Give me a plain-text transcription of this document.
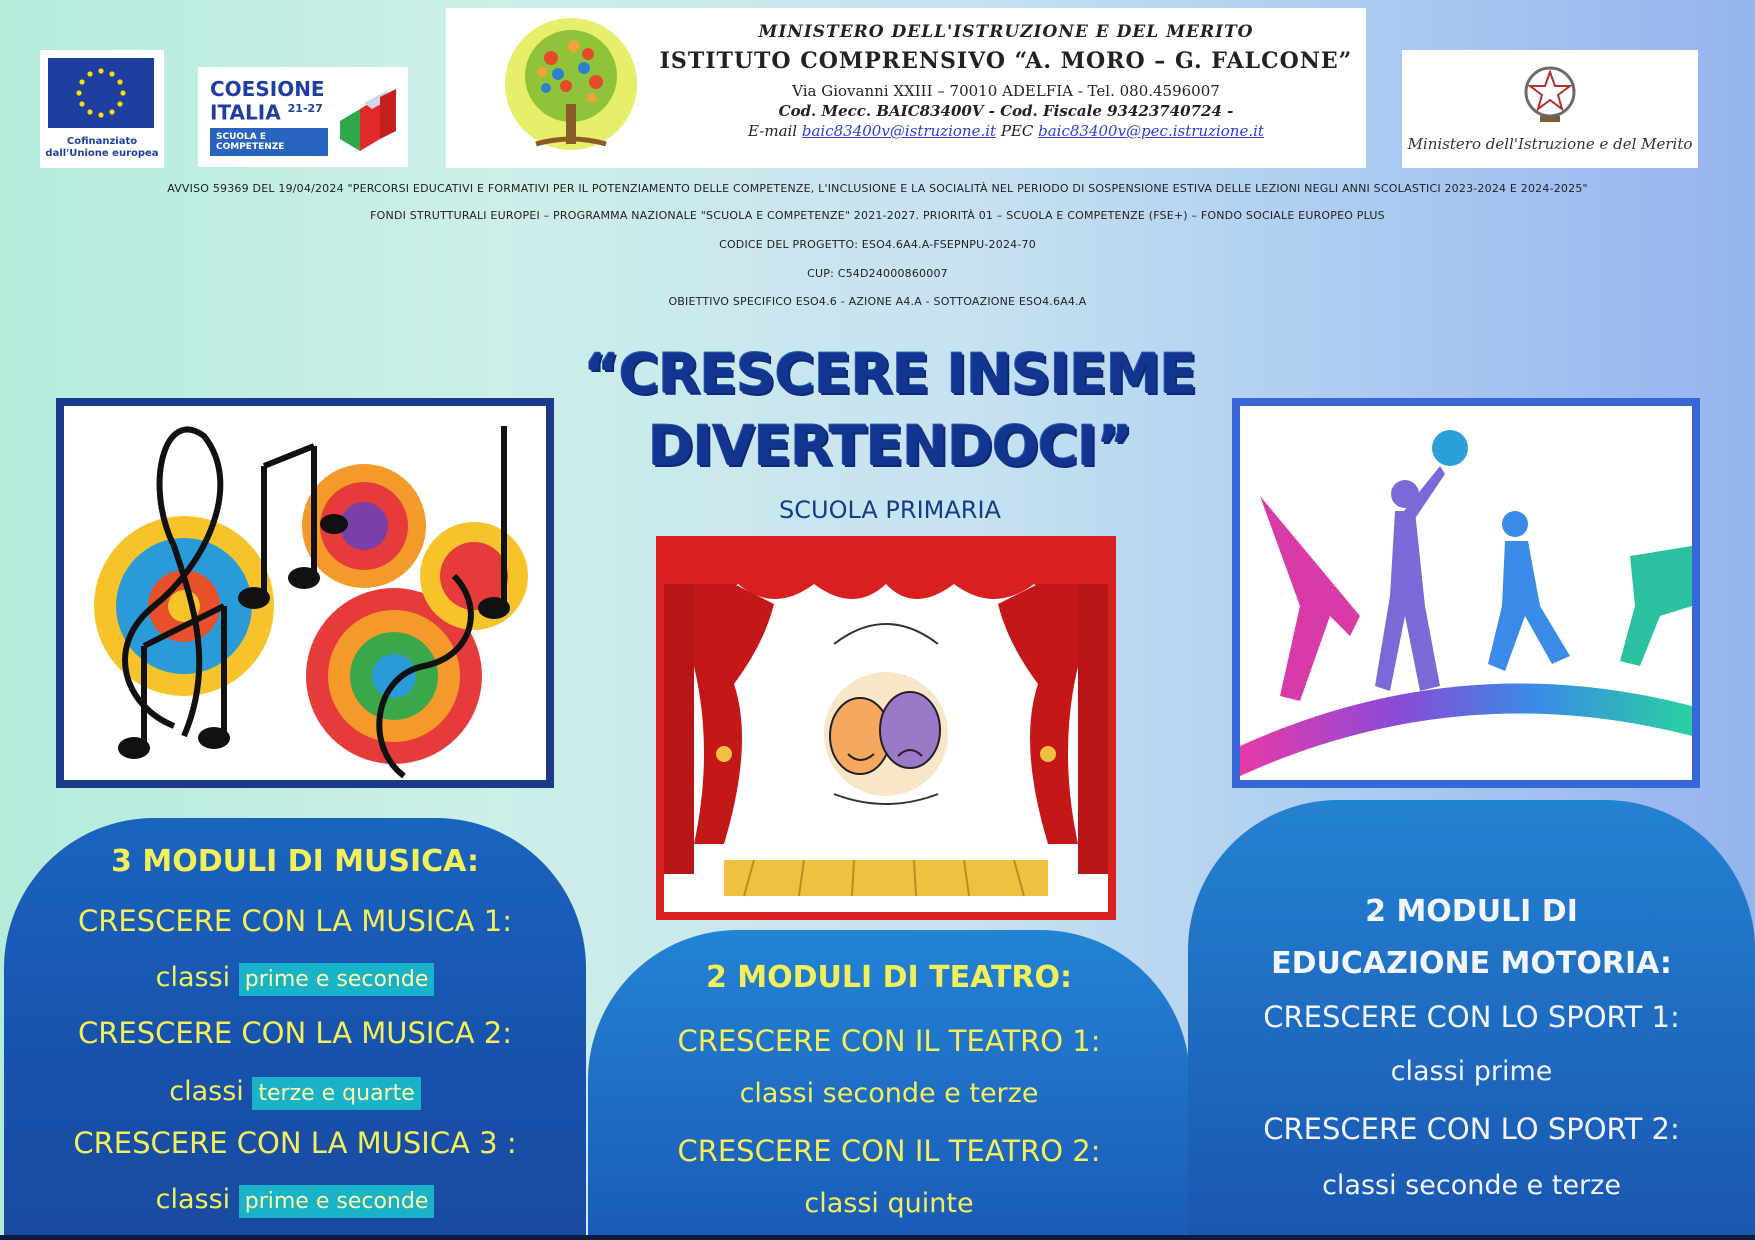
Cofinanziato dall'Unione europea
COESIONE
ITALIA $^{21-27}$
SCUOLA E COMPETENZE
MINISTERO DELL'ISTRUZIONE E DEL MERITO
ISTITUTO COMPRENSIVO “A. MORO – G. FALCONE”
Via Giovanni XXIII – 70010 ADELFIA - Tel. 080.4596007
Cod. Mecc. BAIC83400V - Cod. Fiscale 93423740724 -
E-mail baic83400v@istruzione.it PEC baic83400v@pec.istruzione.it
Ministero dell'Istruzione e del Merito
AVVISO 59369 DEL 19/04/2024 "PERCORSI EDUCATIVI E FORMATIVI PER IL POTENZIAMENTO DELLE COMPETENZE, L'INCLUSIONE E LA SOCIALITÀ NEL PERIODO DI SOSPENSIONE ESTIVA DELLE LEZIONI NEGLI ANNI SCOLASTICI 2023-2024 E 2024-2025"
FONDI STRUTTURALI EUROPEI – PROGRAMMA NAZIONALE "SCUOLA E COMPETENZE" 2021-2027. PRIORITÀ 01 – SCUOLA E COMPETENZE (FSE+) – FONDO SOCIALE EUROPEO PLUS
CODICE DEL PROGETTO: ESO4.6A4.A-FSEPNPU-2024-70
CUP: C54D24000860007
OBIETTIVO SPECIFICO ESO4.6 - AZIONE A4.A - SOTTOAZIONE ESO4.6A4.A
“CRESCERE INSIEME
DIVERTENDOCI”
SCUOLA PRIMARIA
3 MODULI DI MUSICA:
CRESCERE CON LA MUSICA 1:
classi prime e seconde
CRESCERE CON LA MUSICA 2:
classi terze e quarte
CRESCERE CON LA MUSICA 3 :
classi prime e seconde
2 MODULI DI TEATRO:
CRESCERE CON IL TEATRO 1:
classi seconde e terze
CRESCERE CON IL TEATRO 2:
classi quinte
2 MODULI DI
EDUCAZIONE MOTORIA:
CRESCERE CON LO SPORT 1:
classi prime
CRESCERE CON LO SPORT 2:
classi seconde e terze
